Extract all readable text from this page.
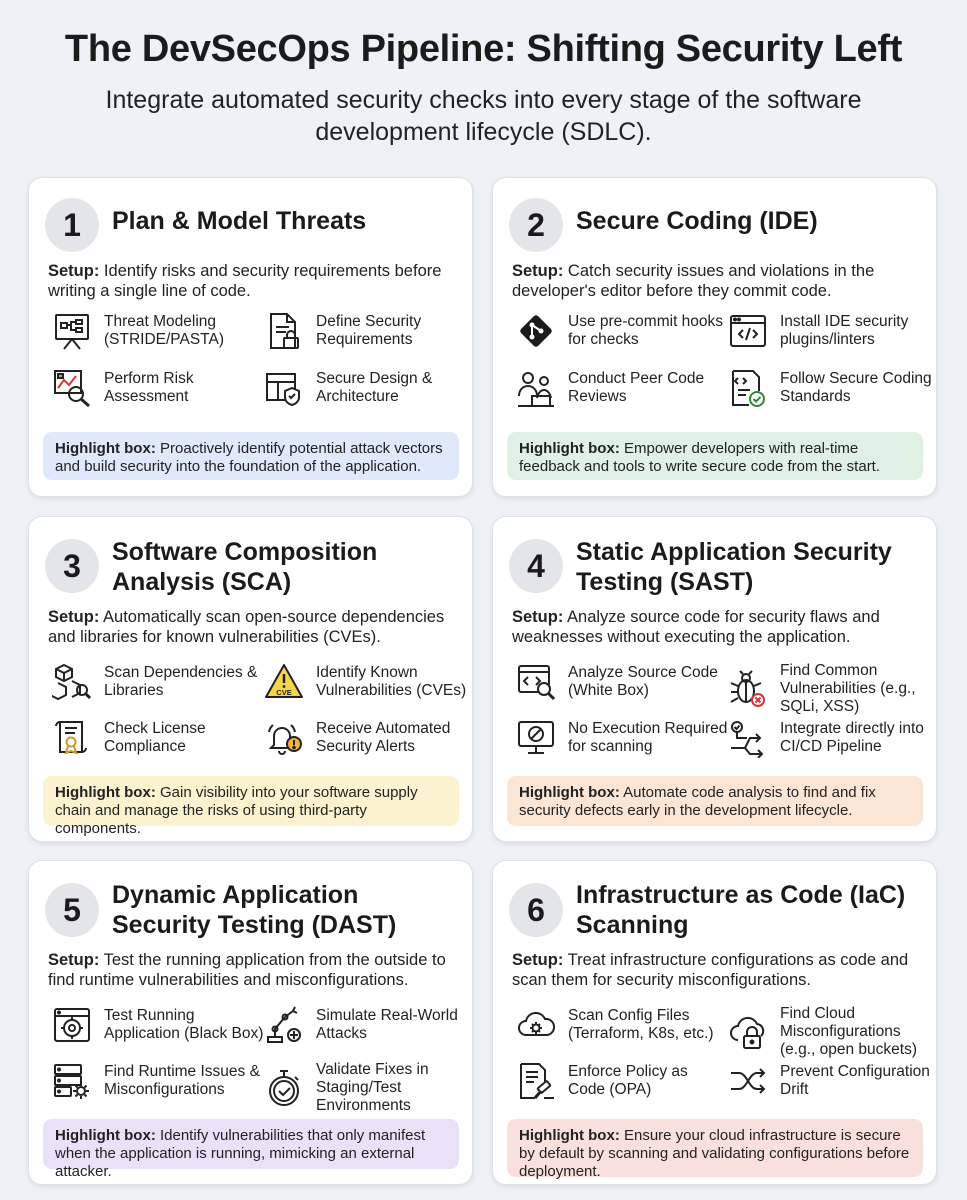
The DevSecOps Pipeline: Shifting Security Left
Integrate automated security checks into every stage of the software development lifecycle (SDLC).
1	Plan & Model Threats
Setup: Identify risks and security requirements before writing a single line of code.
Threat Modeling (STRIDE/PASTA)
Define Security Requirements
Perform Risk Assessment
Secure Design & Architecture
Highlight box: Proactively identify potential attack vectors and build security into the foundation of the application.
2	Secure Coding (IDE)
Setup: Catch security issues and violations in the developer's editor before they commit code.
Use pre-commit hooks for checks
Install IDE security plugins/linters
Conduct Peer Code Reviews
Follow Secure Coding Standards
Highlight box: Empower developers with real-time feedback and tools to write secure code from the start.
3	Software Composition Analysis (SCA)
Setup: Automatically scan open-source dependencies and libraries for known vulnerabilities (CVEs).
Scan Dependencies & Libraries	CVE
Identify Known Vulnerabilities (CVEs)
Check License Compliance
Receive Automated Security Alerts
Highlight box: Gain visibility into your software supply chain and manage the risks of using third-party components.
4	Static Application Security Testing (SAST)
Setup: Analyze source code for security flaws and weaknesses without executing the application.
Analyze Source Code (White Box)
Find Common Vulnerabilities (e.g., SQLi, XSS)
No Execution Required for scanning
Integrate directly into CI/CD Pipeline
Highlight box: Automate code analysis to find and fix security defects early in the development lifecycle.
5	Dynamic Application Security Testing (DAST)
Setup: Test the running application from the outside to find runtime vulnerabilities and misconfigurations.
Test Running Application (Black Box)
Simulate Real-World Attacks
Find Runtime Issues & Misconfigurations
Validate Fixes in Staging/Test Environments
Highlight box: Identify vulnerabilities that only manifest when the application is running, mimicking an external attacker.
6	Infrastructure as Code (IaC) Scanning
Setup: Treat infrastructure configurations as code and scan them for security misconfigurations.
Scan Config Files (Terraform, K8s, etc.)
Find Cloud Misconfigurations (e.g., open buckets)
Enforce Policy as Code (OPA)
Prevent Configuration Drift
Highlight box: Ensure your cloud infrastructure is secure by default by scanning and validating configurations before deployment.
